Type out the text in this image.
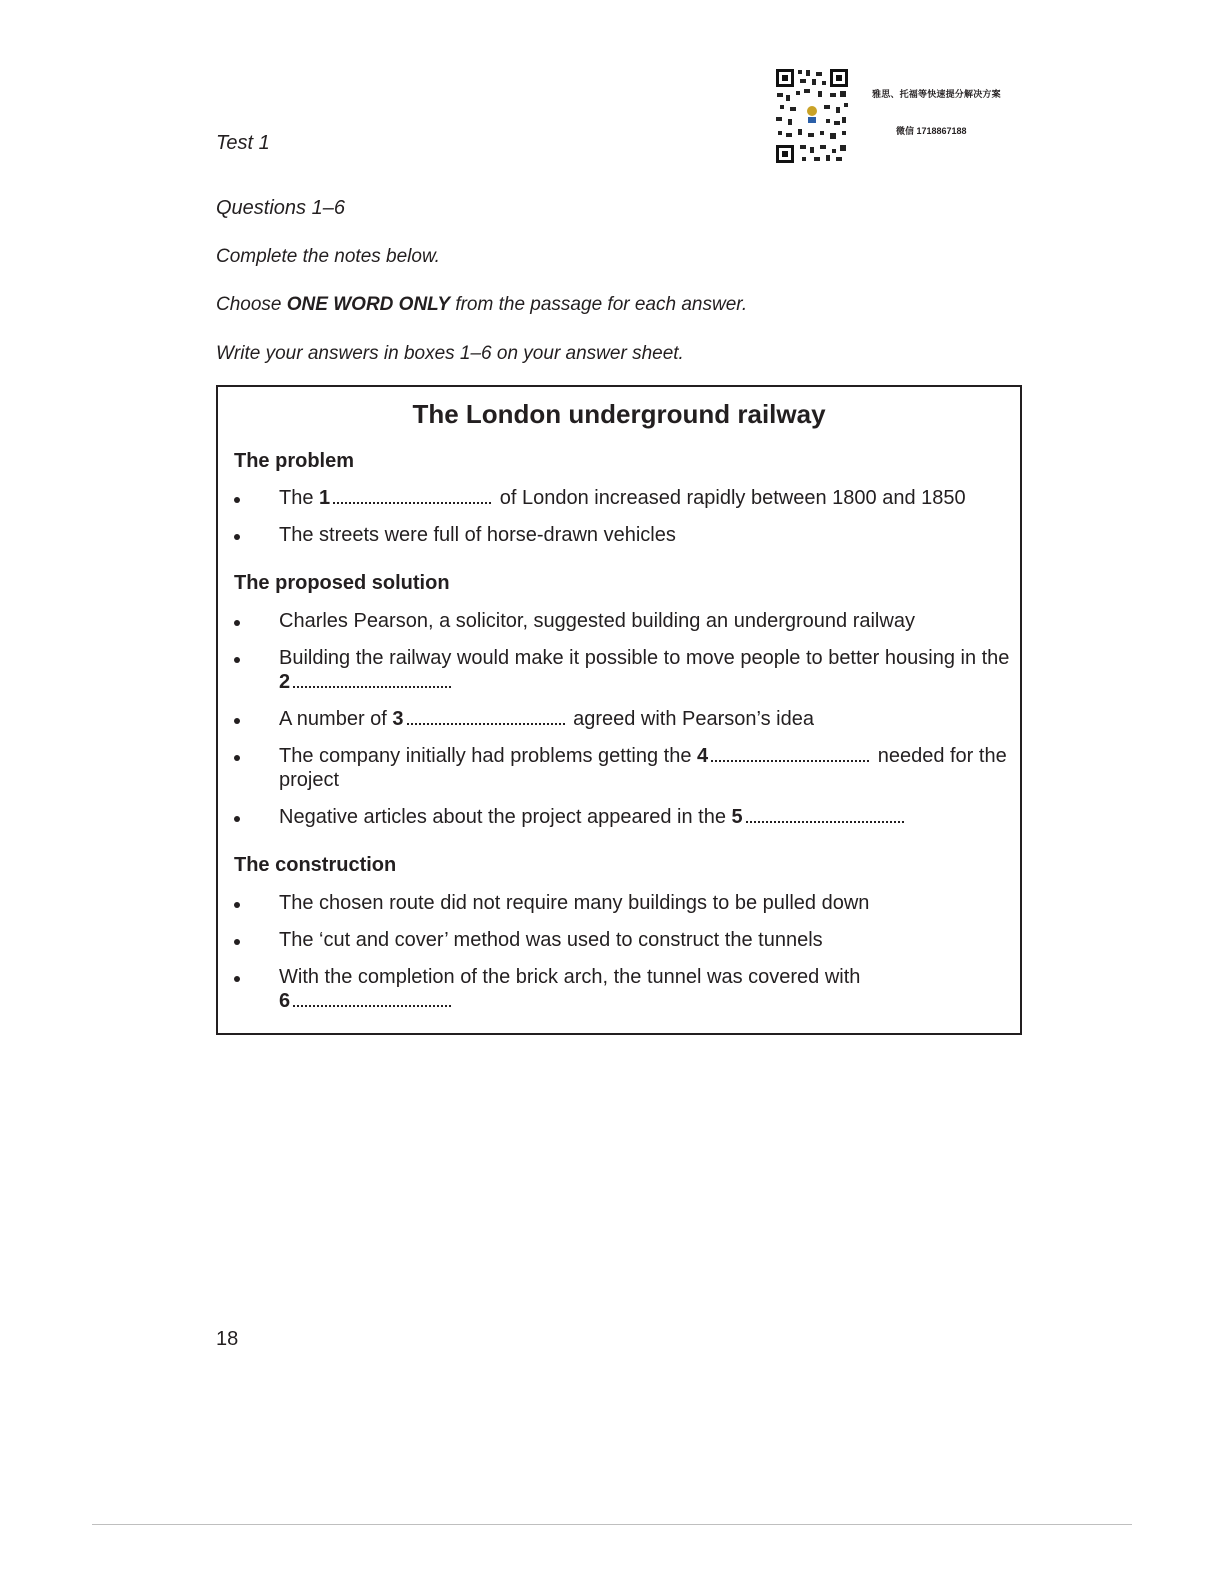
Test 1
雅思、托福等快速提分解决方案
微信 1718867188
Questions 1–6
Complete the notes below.
Choose ONE WORD ONLY from the passage for each answer.
Write your answers in boxes 1–6 on your answer sheet.
The London underground railway
The problem
The 1	of London increased rapidly between 1800 and 1850
The streets were full of horse-drawn vehicles
The proposed solution
Charles Pearson, a solicitor, suggested building an underground railway
Building the railway would make it possible to move people to better housing in the 2
A number of 3	agreed with Pearson’s idea
The company initially had problems getting the 4	needed for the project
Negative articles about the project appeared in the 5
The construction
The chosen route did not require many buildings to be pulled down
The ‘cut and cover’ method was used to construct the tunnels
With the completion of the brick arch, the tunnel was covered with
6
18
